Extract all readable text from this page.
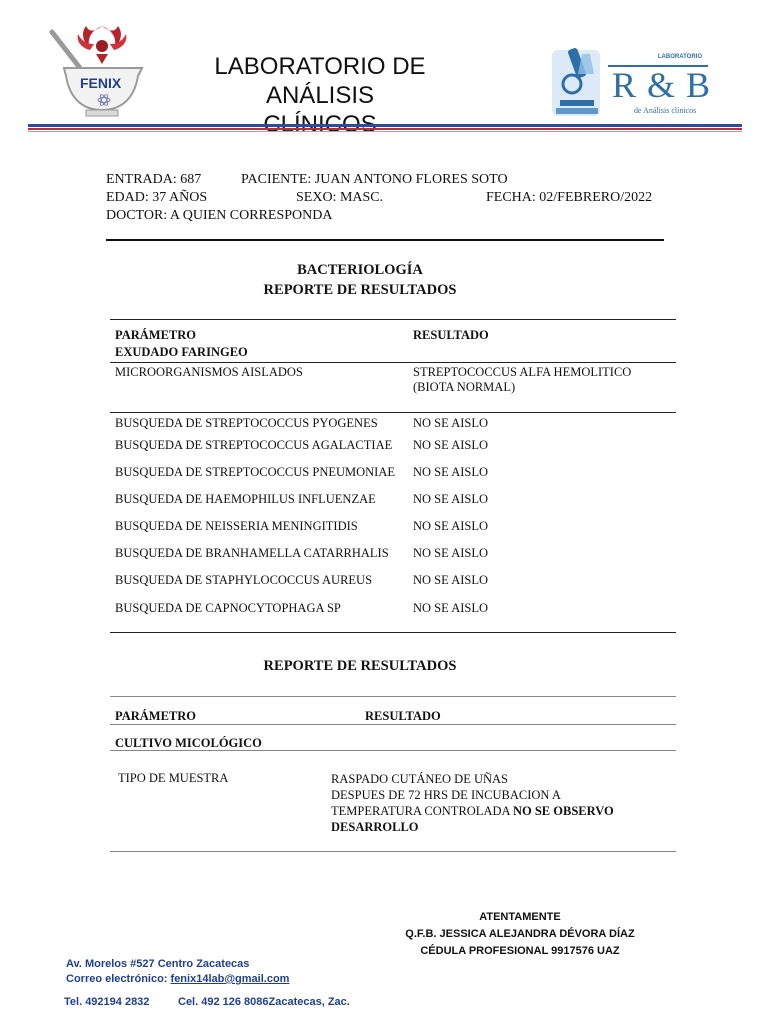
FENIX
LABORATORIO DE ANÁLISIS
LABORATORIO
R & B
de Análisis clínicos
ENTRADA: 687	PACIENTE: JUAN ANTONO FLORES SOTO
EDAD: 37 AÑOS	SEXO: MASC.	FECHA: 02/FEBRERO/2022
DOCTOR: A QUIEN CORRESPONDA
BACTERIOLOGÍA
REPORTE DE RESULTADOS
PARÁMETRO	RESULTADO
EXUDADO FARINGEO
MICROORGANISMOS AISLADOS	STREPTOCOCCUS ALFA HEMOLITICO
(BIOTA NORMAL)
BUSQUEDA DE STREPTOCOCCUS PYOGENES	NO SE AISLO
BUSQUEDA DE STREPTOCOCCUS AGALACTIAE NO SE AISLO
BUSQUEDA DE STREPTOCOCCUS PNEUMONIAE NO SE AISLO
BUSQUEDA DE HAEMOPHILUS INFLUENZAE	NO SE AISLO
BUSQUEDA DE NEISSERIA MENINGITIDIS	NO SE AISLO
BUSQUEDA DE BRANHAMELLA CATARRHALIS NO SE AISLO
BUSQUEDA DE STAPHYLOCOCCUS AUREUS	NO SE AISLO
BUSQUEDA DE CAPNOCYTOPHAGA SP	NO SE AISLO
REPORTE DE RESULTADOS
PARÁMETRO	RESULTADO
CULTIVO MICOLÓGICO
TIPO DE MUESTRA	RASPADO CUTÁNEO DE UÑAS
DESPUES DE 72 HRS DE INCUBACION A
TEMPERATURA CONTROLADA NO SE OBSERVO
DESARROLLO
ATENTAMENTE
Q.F.B. JESSICA ALEJANDRA DÉVORA DÍAZ
CÉDULA PROFESIONAL 9917576 UAZ
Av. Morelos #527 Centro Zacatecas
Correo electrónico: fenix14lab@gmail.com
Tel. 492194 2832	Cel. 492 126 8086Zacatecas, Zac.
